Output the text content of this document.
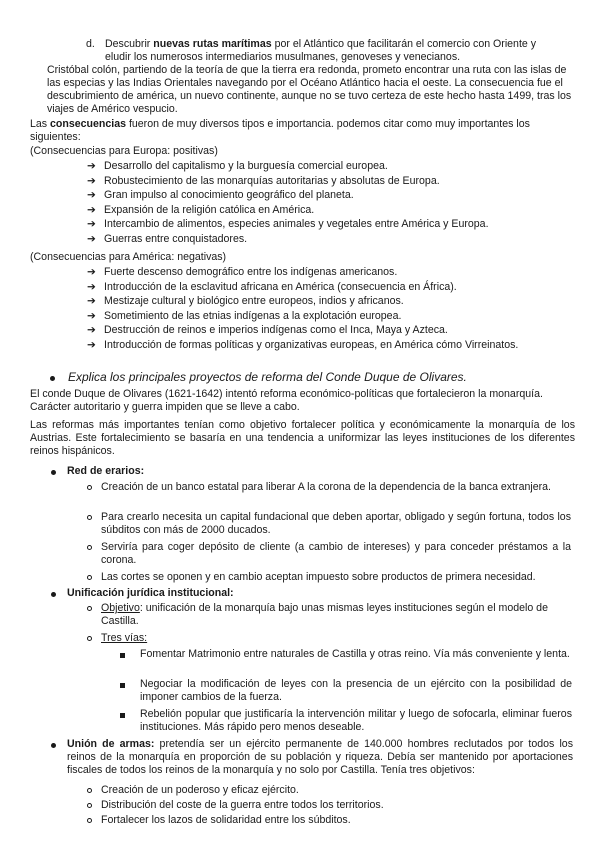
d. Descubrir nuevas rutas marítimas por el Atlántico que facilitarán el comercio con Oriente y eludir los numerosos intermediarios musulmanes, genoveses y venecianos.

Cristóbal colón, partiendo de la teoría de que la tierra era redonda, prometo encontrar una ruta con las islas de las especias y las Indias Orientales navegando por el Océano Atlántico hacia el oeste. La consecuencia fue el descubrimiento de américa, un nuevo continente, aunque no se tuvo certeza de este hecho hasta 1499, tras los viajes de Américo vespucio.

Las consecuencias fueron de muy diversos tipos e importancia. podemos citar como muy importantes los siguientes:

(Consecuencias para Europa: positivas)

➔ Desarrollo del capitalismo y la burguesía comercial europea.
➔ Robustecimiento de las monarquías autoritarias y absolutas de Europa.
➔ Gran impulso al conocimiento geográfico del planeta.
➔ Expansión de la religión católica en América.
➔ Intercambio de alimentos, especies animales y vegetales entre América y Europa.
➔ Guerras entre conquistadores.

(Consecuencias para América: negativas)

➔ Fuerte descenso demográfico entre los indígenas americanos.
➔ Introducción de la esclavitud africana en América (consecuencia en África).
➔ Mestizaje cultural y biológico entre europeos, indios y africanos.
➔ Sometimiento de las etnias indígenas a la explotación europea.
➔ Destrucción de reinos e imperios indígenas como el Inca, Maya y Azteca.
➔ Introducción de formas políticas y organizativas europeas, en América cómo Virreinatos.
Explica los principales proyectos de reforma del Conde Duque de Olivares.

El conde Duque de Olivares (1621-1642) intentó reforma económico-políticas que fortalecieron la monarquía. Carácter autoritario y guerra impiden que se lleve a cabo.

Las reformas más importantes tenían como objetivo fortalecer política y económicamente la monarquía de los Austrias. Este fortalecimiento se basaría en una tendencia a uniformizar las leyes instituciones de los diferentes reinos hispánicos.

Red de erarios:
Creación de un banco estatal para liberar A la corona de la dependencia de la banca extranjera.
Para crearlo necesita un capital fundacional que deben aportar, obligado y según fortuna, todos los súbditos con más de 2000 ducados.
Serviría para coger depósito de cliente (a cambio de intereses) y para conceder préstamos a la corona.
Las cortes se oponen y en cambio aceptan impuesto sobre productos de primera necesidad.
Unificación jurídica institucional:
Objetivo: unificación de la monarquía bajo unas mismas leyes instituciones según el modelo de Castilla.
Tres vías:
Fomentar Matrimonio entre naturales de Castilla y otras reino. Vía más conveniente y lenta.
Negociar la modificación de leyes con la presencia de un ejército con la posibilidad de imponer cambios de la fuerza.
Rebelión popular que justificaría la intervención militar y luego de sofocarla, eliminar fueros instituciones. Más rápido pero menos deseable.

Unión de armas: pretendía ser un ejército permanente de 140.000 hombres reclutados por todos los reinos de la monarquía en proporción de su población y riqueza. Debía ser mantenido por aportaciones fiscales de todos los reinos de la monarquía y no solo por Castilla. Tenía tres objetivos:

Creación de un poderoso y eficaz ejército.
Distribución del coste de la guerra entre todos los territorios.
Fortalecer los lazos de solidaridad entre los súbditos.
